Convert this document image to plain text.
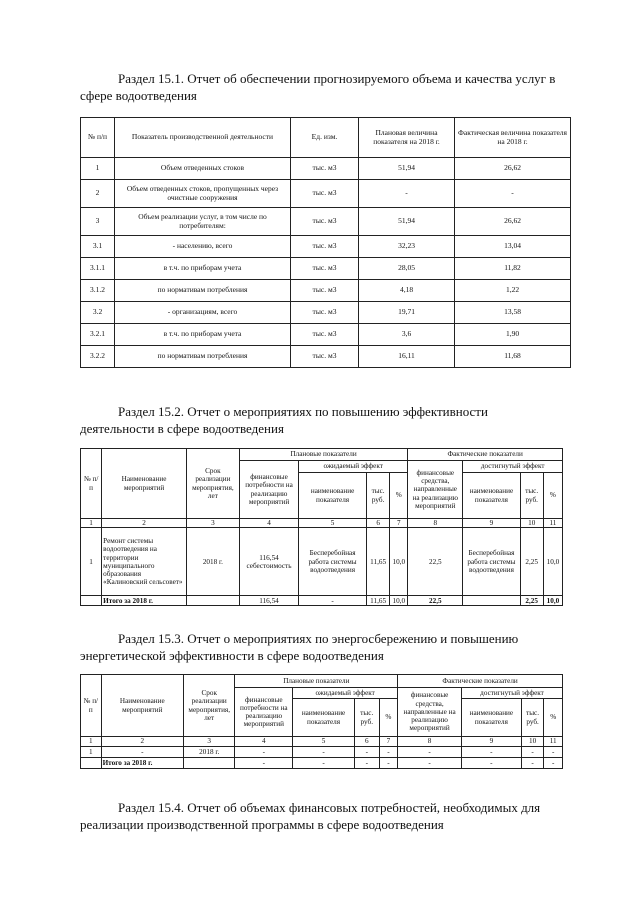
Раздел 15.1. Отчет об обеспечении прогнозируемого объема и качества услуг в
сфере водоотведения
№ п/п	Показатель производственной деятельности	Ед. изм.	Плановая величина показателя на 2018 г.	Фактическая величина показателя на 2018 г.
1	Объем отведенных стоков	тыс. м3	51,94	26,62
2	Объем отведенных стоков, пропущенных через очистные сооружения	тыс. м3	-	-
3	Объем реализации услуг, в том числе по потребителям:	тыс. м3	51,94	26,62
3.1	- населению, всего	тыс. м3	32,23	13,04
3.1.1	в т.ч. по приборам учета	тыс. м3	28,05	11,82
3.1.2	по нормативам потребления	тыс. м3	4,18	1,22
3.2	- организациям, всего	тыс. м3	19,71	13,58
3.2.1	в т.ч. по приборам учета	тыс. м3	3,6	1,90
3.2.2	по нормативам потребления	тыс. м3	16,11	11,68
Раздел 15.2. Отчет о мероприятиях по повышению эффективности
деятельности в сфере водоотведения
№ п/п	Наименование мероприятий	Срок реализации мероприятия, лет	Плановые показатели				Фактические показатели			
			финансовые потребности на реализацию мероприятий	ожидаемый эффект			финансовые средства, направленные на реализацию мероприятий	достигнутый эффект		
				наименование показателя	тыс. руб.	%		наименование показателя	тыс. руб.	%
1	2	3	4	5	6	7	8	9	10	11
1	Ремонт системы водоотведения на территории муниципального образования «Калиновский сельсовет»	2018 г.	116,54 себестоимость	Бесперебойная работа системы водоотведения	11,65	10,0	22,5	Бесперебойная работа системы водоотведения	2,25	10,0
	Итого за 2018 г.		116,54	-	11,65	10,0	22,5		2,25	10,0
Раздел 15.3. Отчет о мероприятиях по энергосбережению и повышению
энергетической эффективности в сфере водоотведения
№ п/п	Наименование мероприятий	Срок реализации мероприятия, лет	Плановые показатели				Фактические показатели			
			финансовые потребности на реализацию мероприятий	ожидаемый эффект			финансовые средства, направленные на реализацию мероприятий	достигнутый эффект		
				наименование показателя	тыс. руб.	%		наименование показателя	тыс. руб.	%
1	2	3	4	5	6	7	8	9	10	11
1	-	2018 г.	-	-	-	-	-	-	-	-
	Итого за 2018 г.		-	-	-	-	-	-	-	-
Раздел 15.4. Отчет об объемах финансовых потребностей, необходимых для
реализации производственной программы в сфере водоотведения
